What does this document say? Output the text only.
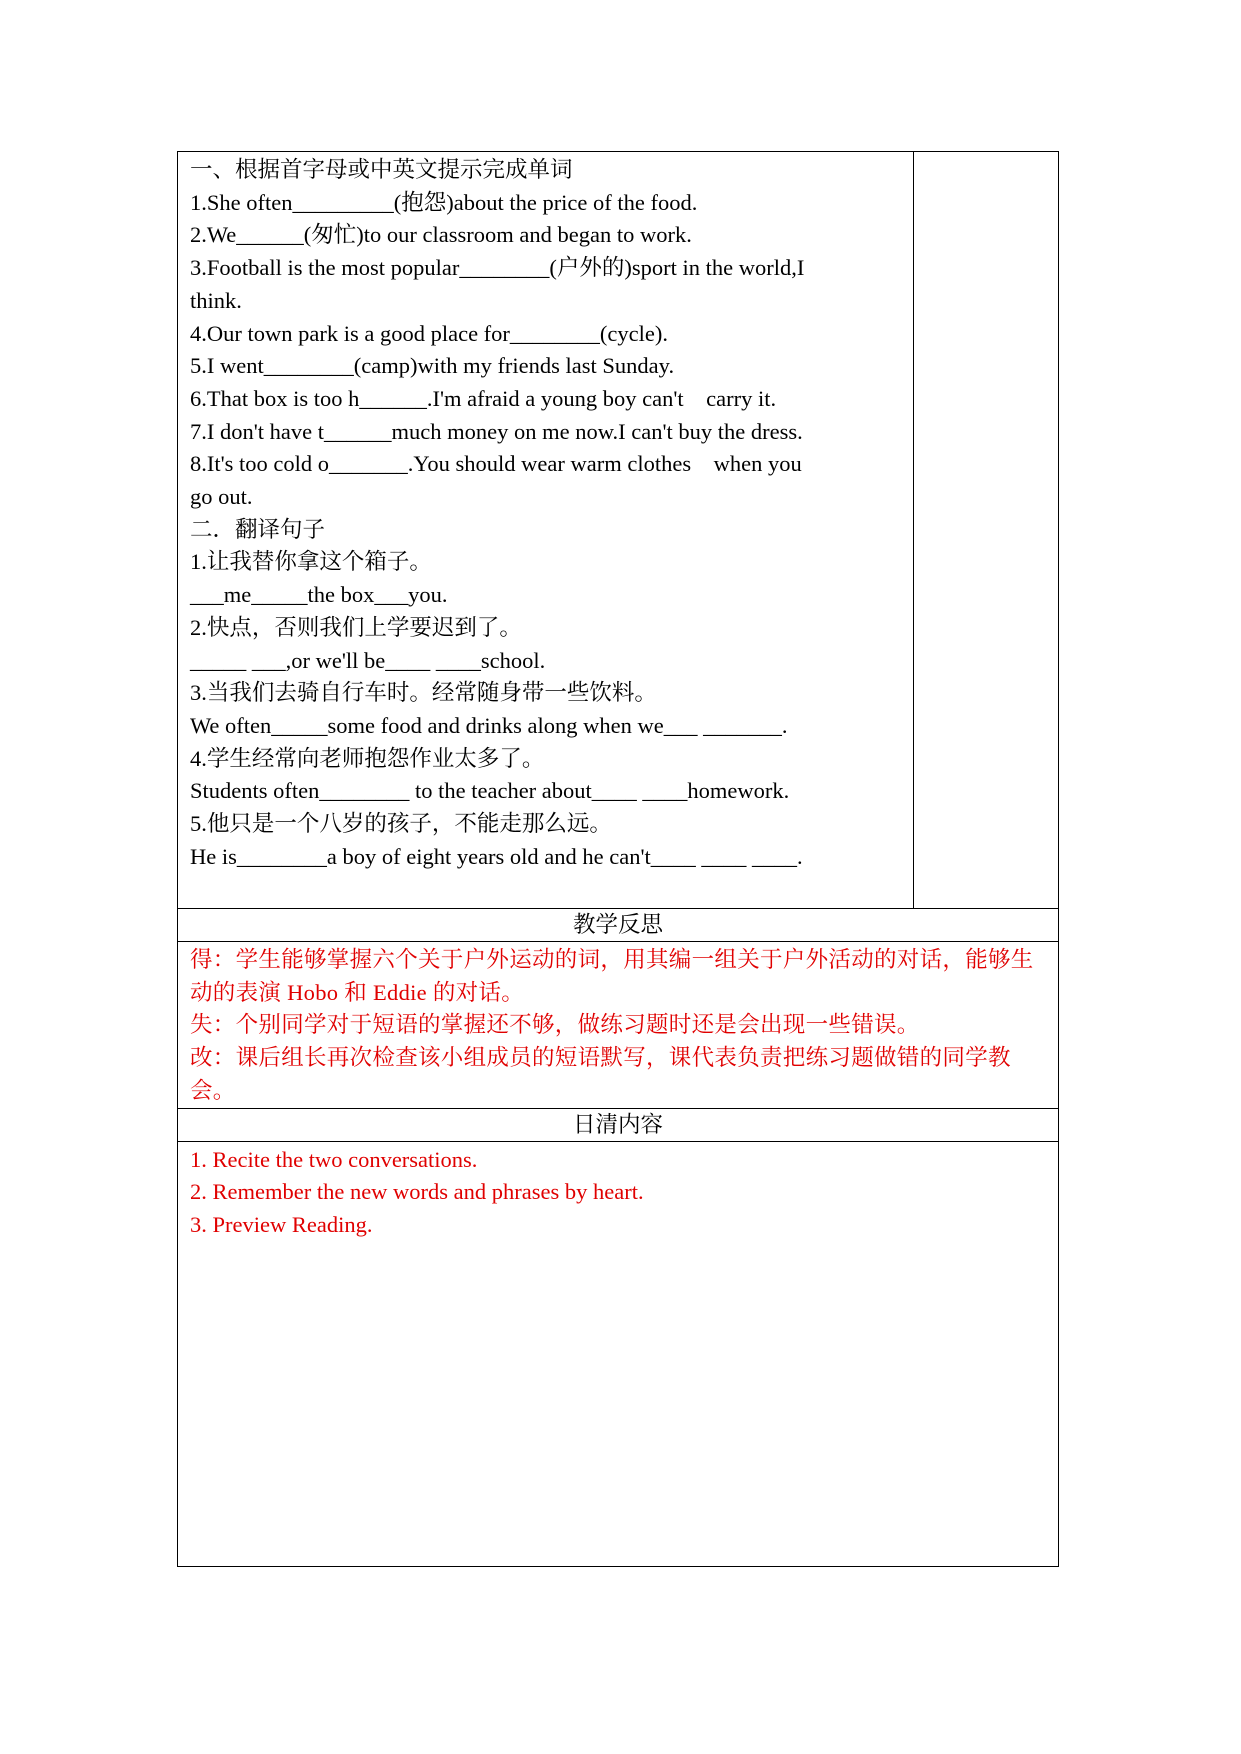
一、根据首字母或中英文提示完成单词
1.She often_________(抱怨)about the price of the food.
2.We______(匆忙)to our classroom and began to work.
3.Football is the most popular________(户外的)sport in the world,I
think.
4.Our town park is a good place for________(cycle).
5.I went________(camp)with my friends last Sunday.
6.That box is too h______.I'm afraid a young boy can't    carry it.
7.I don't have t______much money on me now.I can't buy the dress.
8.It's too cold o_______.You should wear warm clothes    when you
go out.
二．翻译句子
1.让我替你拿这个箱子。
___me_____the box___you.
2.快点，否则我们上学要迟到了。
_____ ___,or we'll be____ ____school.
3.当我们去骑自行车时。经常随身带一些饮料。
We often_____some food and drinks along when we___ _______.
4.学生经常向老师抱怨作业太多了。
Students often________ to the teacher about____ ____homework.
5.他只是一个八岁的孩子，不能走那么远。
He is________a boy of eight years old and he can't____ ____ ____.
教学反思
得：学生能够掌握六个关于户外运动的词，用其编一组关于户外活动的对话，能够生动的表演 Hobo 和 Eddie 的对话。
失：个别同学对于短语的掌握还不够，做练习题时还是会出现一些错误。
改：课后组长再次检查该小组成员的短语默写，课代表负责把练习题做错的同学教会。
日清内容
1. Recite the two conversations.
2. Remember the new words and phrases by heart.
3. Preview Reading.
